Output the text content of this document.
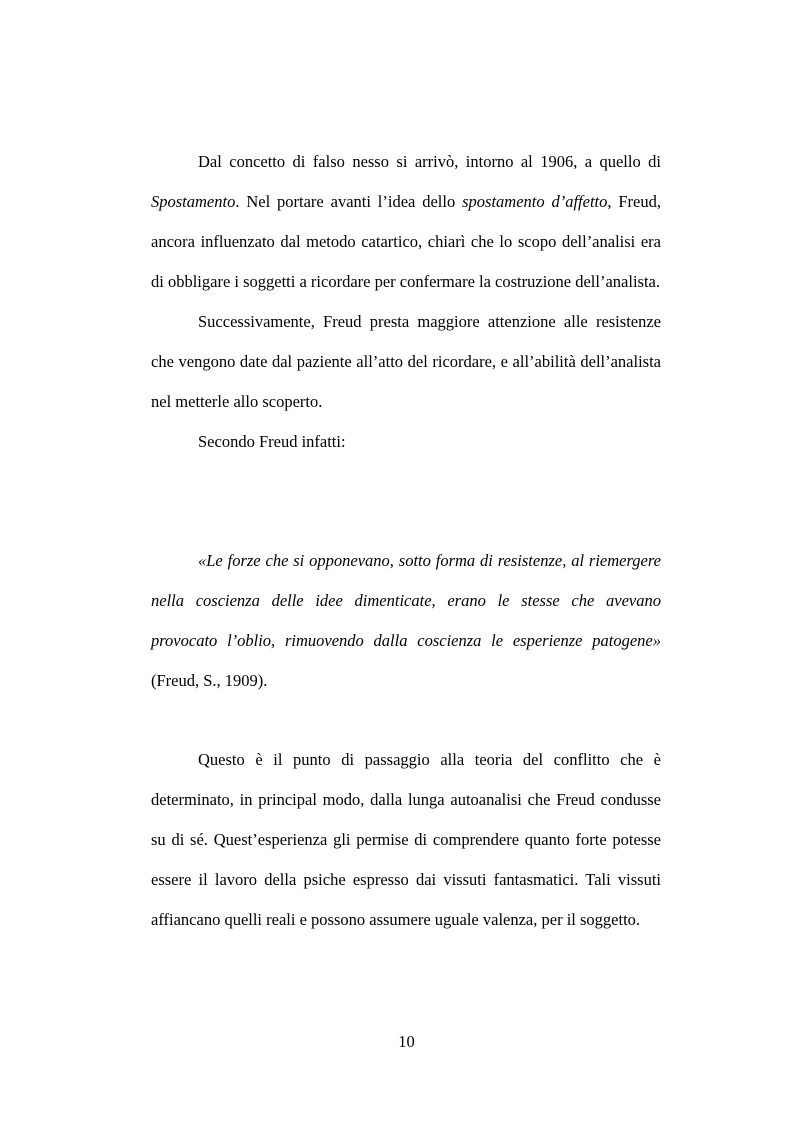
Dal concetto di falso nesso si arrivò, intorno al 1906, a quello di Spostamento. Nel portare avanti l’idea dello spostamento d’affetto, Freud, ancora influenzato dal metodo catartico, chiarì che lo scopo dell’analisi era di obbligare i soggetti a ricordare per confermare la costruzione dell’analista.

Successivamente, Freud presta maggiore attenzione alle resistenze che vengono date dal paziente all’atto del ricordare, e all’abilità dell’analista nel metterle allo scoperto.

Secondo Freud infatti:

«Le forze che si opponevano, sotto forma di resistenze, al riemergere nella coscienza delle idee dimenticate, erano le stesse che avevano provocato l’oblio, rimuovendo dalla coscienza le esperienze patogene» (Freud, S., 1909).

Questo è il punto di passaggio alla teoria del conflitto che è determinato, in principal modo, dalla lunga autoanalisi che Freud condusse su di sé. Quest’esperienza gli permise di comprendere quanto forte potesse essere il lavoro della psiche espresso dai vissuti fantasmatici. Tali vissuti affiancano quelli reali e possono assumere uguale valenza, per il soggetto.

10
